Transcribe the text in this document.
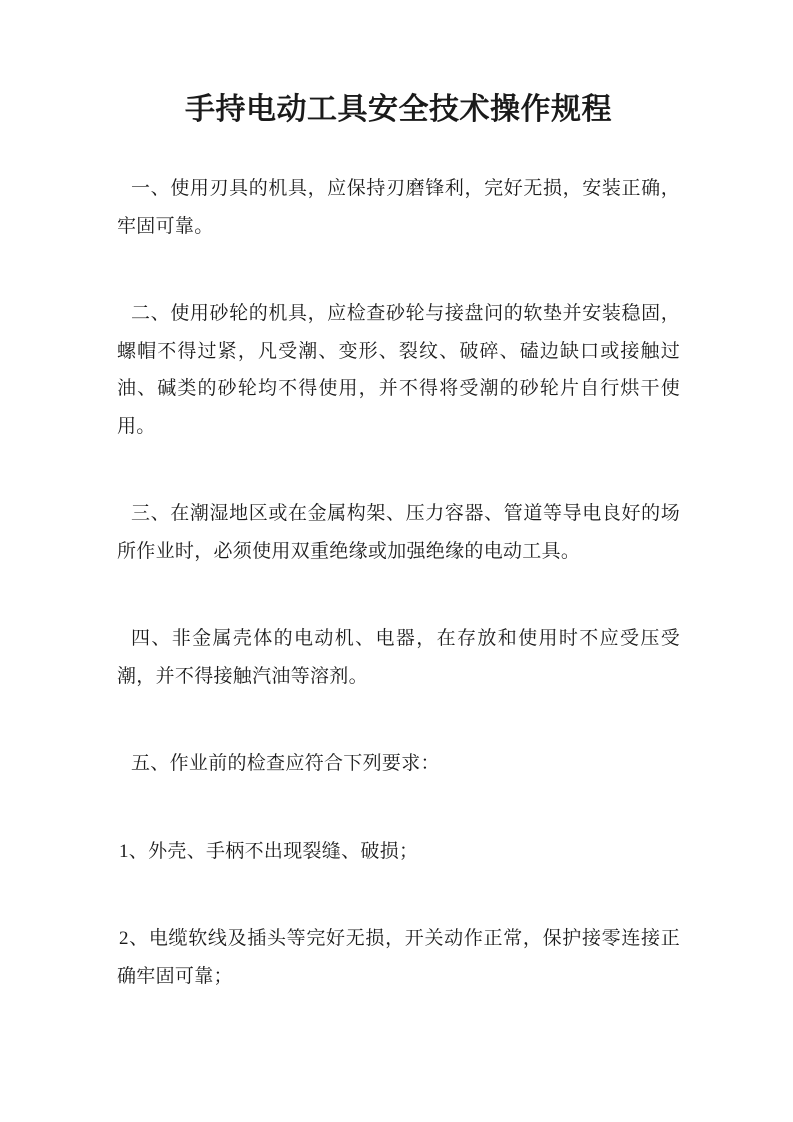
手持电动工具安全技术操作规程

一、使用刃具的机具，应保持刃磨锋利，完好无损，安装正确，牢固可靠。

二、使用砂轮的机具，应检查砂轮与接盘问的软垫并安装稳固，螺帽不得过紧，凡受潮、变形、裂纹、破碎、磕边缺口或接触过油、碱类的砂轮均不得使用，并不得将受潮的砂轮片自行烘干使用。

三、在潮湿地区或在金属构架、压力容器、管道等导电良好的场所作业时，必须使用双重绝缘或加强绝缘的电动工具。

四、非金属壳体的电动机、电器，在存放和使用时不应受压受潮，并不得接触汽油等溶剂。

五、作业前的检查应符合下列要求：

1、外壳、手柄不出现裂缝、破损；

2、电缆软线及插头等完好无损，开关动作正常，保护接零连接正确牢固可靠；
